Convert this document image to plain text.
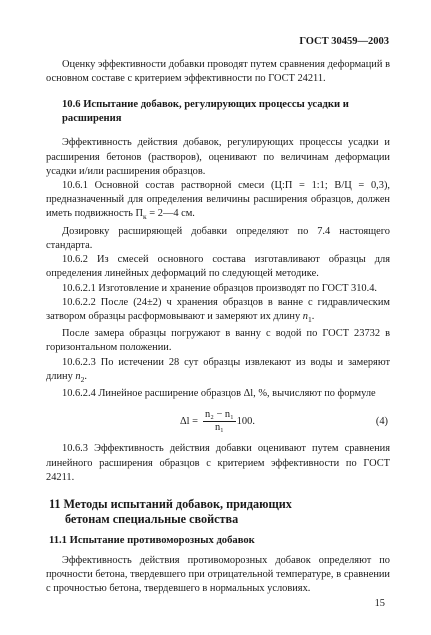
ГОСТ 30459—2003

Оценку эффективности добавки проводят путем сравнения деформаций в основном составе с критерием эффективности по ГОСТ 24211.

10.6 Испытание добавок, регулирующих процессы усадки и расширения

Эффективность действия добавок, регулирующих процессы усадки и расширения бетонов (растворов), оценивают по величинам деформации усадки и/или расширения образцов.

10.6.1 Основной состав растворной смеси (Ц:П = 1:1; В/Ц = 0,3), предназначенный для определения величины расширения образцов, должен иметь подвижность $П_к$ = 2—4 см.

Дозировку расширяющей добавки определяют по 7.4 настоящего стандарта.

10.6.2 Из смесей основного состава изготавливают образцы для определения линейных деформаций по следующей методике.

10.6.2.1 Изготовление и хранение образцов производят по ГОСТ 310.4.

10.6.2.2 После (24±2) ч хранения образцов в ванне с гидравлическим затвором образцы расформовывают и замеряют их длину $n_1$.

После замера образцы погружают в ванну с водой по ГОСТ 23732 в горизонтальном положении.

10.6.2.3 По истечении 28 сут образцы извлекают из воды и замеряют длину $n_2$.

10.6.2.4 Линейное расширение образцов Δl, %, вычисляют по формуле

$\Delta l = \frac{\text{n₂ − n₁}}{\text{n₁}} 100$.	(4)

10.6.3 Эффективность действия добавки оценивают путем сравнения линейного расширения образцов с критерием эффективности по ГОСТ 24211.

11 Методы испытаний добавок, придающих
бетонам специальные свойства
11.1 Испытание противоморозных добавок

Эффективность действия противоморозных добавок определяют по прочности бетона, твердевшего при отрицательной температуре, в сравнении с прочностью бетона, твердевшего в нормальных условиях.

15
